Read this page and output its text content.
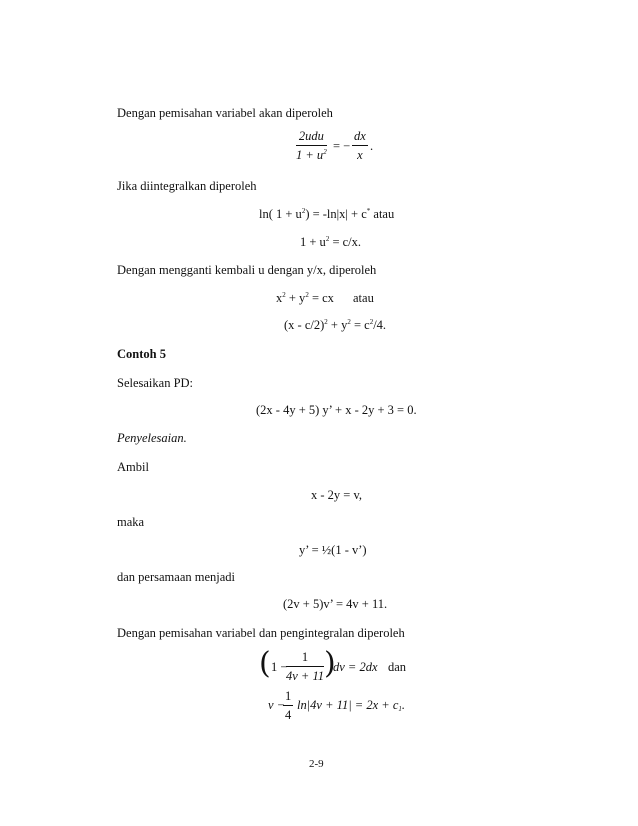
Dengan pemisahan variabel akan diperoleh
2udu
$1 + u^2$ = −
dx
x
.
Jika diintegralkan diperoleh
ln( $1 + u^2) = -\ln|x| + c^*$ atau
$1 + u^2 = c/x$.
Dengan mengganti kembali u dengan y/x, diperoleh
$x^2 + y^2$ = cx atau
$(x - c/2)^2 + y^2 = c^2/4$.
Contoh 5
Selesaikan PD:
(2x - 4y + 5) y’ + x - 2y + 3 = 0.
Penyelesaian.
Ambil
x - 2y = v,
maka
y’ = ½(1 - v’)
dan persamaan menjadi
(2v + 5)v’ = 4v + 11.
Dengan pemisahan variabel dan pengintegralan diperoleh
( 1 −
1
4v + 11 )
dv = 2dx dan
v −
1
4
$\ln|4v + 11| = 2x + c_1$.
2-9
